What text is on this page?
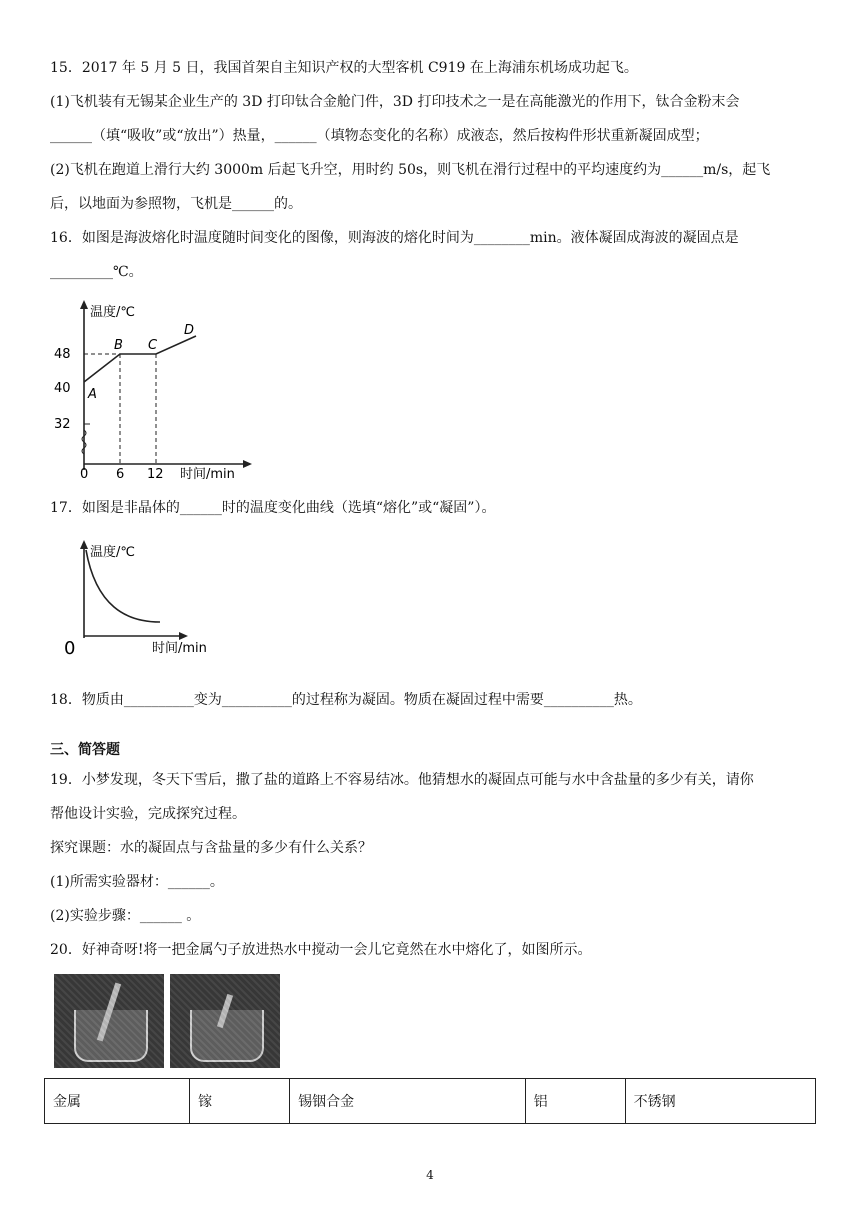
15．2017 年 5 月 5 日，我国首架自主知识产权的大型客机 C919 在上海浦东机场成功起飞。
(1)飞机装有无锡某企业生产的 3D 打印钛合金舱门件，3D 打印技术之一是在高能激光的作用下，钛合金粉末会
______（填“吸收”或“放出”）热量，______（填物态变化的名称）成液态，然后按构件形状重新凝固成型；
(2)飞机在跑道上滑行大约 3000m 后起飞升空，用时约 50s，则飞机在滑行过程中的平均速度约为______m/s，起飞
后，以地面为参照物，飞机是______的。
16．如图是海波熔化时温度随时间变化的图像，则海波的熔化时间为________min。液体凝固成海波的凝固点是
_________℃。
温度/℃
时间/min
48
40
32
0 6 12
A
B C
D
17．如图是非晶体的______时的温度变化曲线（选填“熔化”或“凝固”）。
温度/℃
时间/min
0
18．物质由__________变为__________的过程称为凝固。物质在凝固过程中需要__________热。
三、简答题
19．小梦发现，冬天下雪后，撒了盐的道路上不容易结冰。他猜想水的凝固点可能与水中含盐量的多少有关，请你
帮他设计实验，完成探究过程。
探究课题：水的凝固点与含盐量的多少有什么关系？
(1)所需实验器材：______。
(2)实验步骤：______ 。
20．好神奇呀!将一把金属勺子放进热水中搅动一会儿它竟然在水中熔化了，如图所示。
金属	镓	锡铟合金	铝	不锈钢
4
